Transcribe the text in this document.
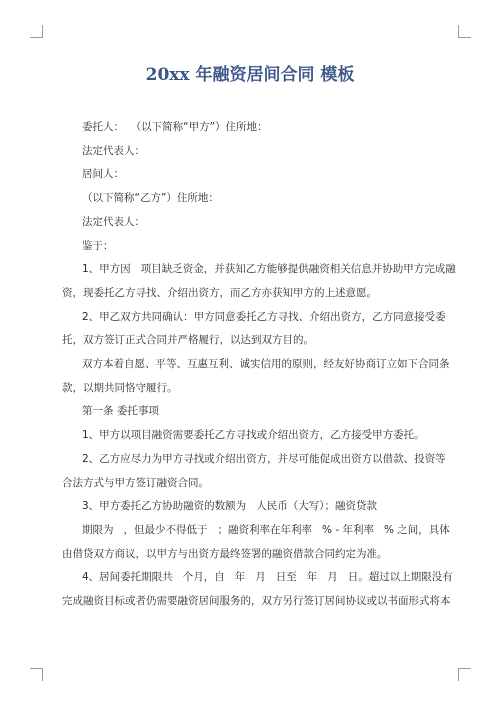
20xx 年融资居间合同 模板

委托人：  （以下简称“甲方”）住所地：

法定代表人：

居间人：

（以下简称“乙方”）住所地：

法定代表人：

鉴于：

1、甲方因   项目缺乏资金，并获知乙方能够提供融资相关信息并协助甲方完成融

资，现委托乙方寻找、介绍出资方，而乙方亦获知甲方的上述意愿。

2、甲乙双方共同确认：甲方同意委托乙方寻找、介绍出资方，乙方同意接受委

托，双方签订正式合同并严格履行，以达到双方目的。

双方本着自愿、平等、互惠互利、诚实信用的原则，经友好协商订立如下合同条

款，以期共同恪守履行。

第一条 委托事项

1、甲方以项目融资需要委托乙方寻找或介绍出资方，乙方接受甲方委托。

2、乙方应尽力为甲方寻找或介绍出资方，并尽可能促成出资方以借款、投资等

合法方式与甲方签订融资合同。

3、甲方委托乙方协助融资的数额为   人民币（大写）；融资贷款

期限为   ，但最少不得低于   ；融资利率在年利率   % - 年利率   % 之间，具体

由借贷双方商议，以甲方与出资方最终签署的融资借款合同约定为准。

4、居间委托期限共   个月，自   年   月   日至   年   月   日。超过以上期限没有

完成融资目标或者仍需要融资居间服务的，双方另行签订居间协议或以书面形式将本
